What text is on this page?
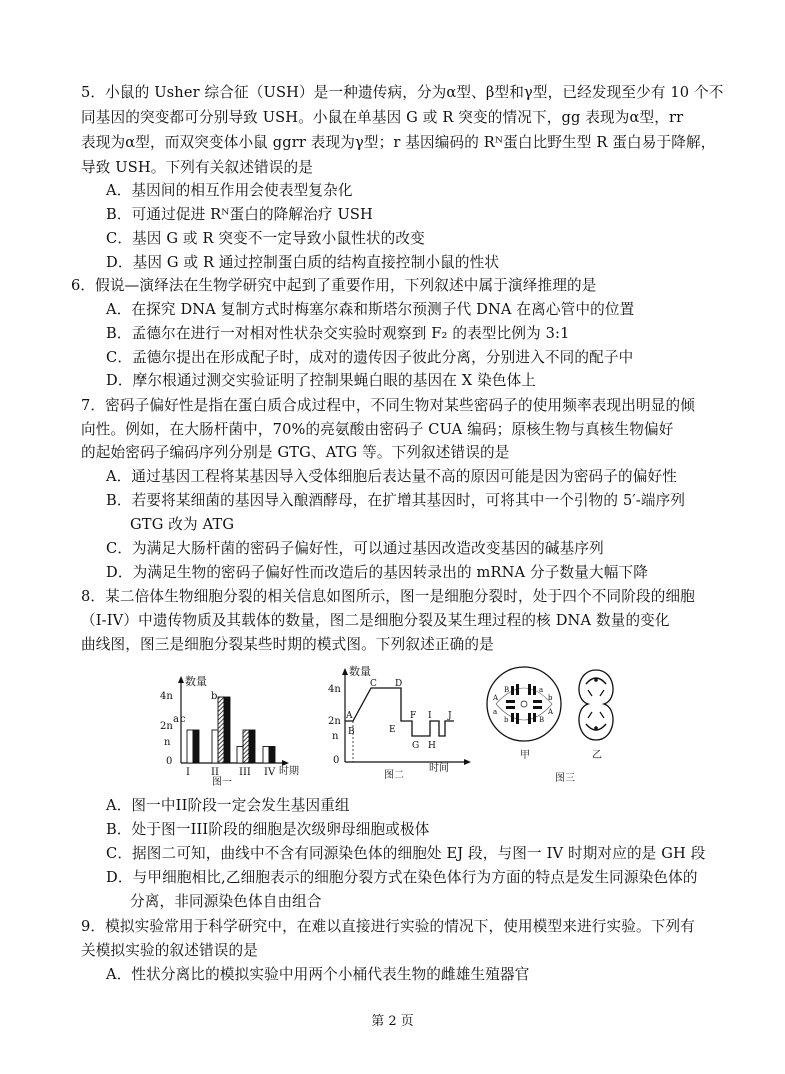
5．小鼠的 Usher 综合征（USH）是一种遗传病，分为α型、β型和γ型，已经发现至少有 10 个不
同基因的突变都可分别导致 USH。小鼠在单基因 G 或 R 突变的情况下，gg 表现为α型，rr
表现为α型，而双突变体小鼠 ggrr 表现为γ型；r 基因编码的 Rᴺ蛋白比野生型 R 蛋白易于降解，
导致 USH。下列有关叙述错误的是
A．基因间的相互作用会使表型复杂化
B．可通过促进 Rᴺ蛋白的降解治疗 USH
C．基因 G 或 R 突变不一定导致小鼠性状的改变
D．基因 G 或 R 通过控制蛋白质的结构直接控制小鼠的性状
6．假说—演绎法在生物学研究中起到了重要作用，下列叙述中属于演绎推理的是
A．在探究 DNA 复制方式时梅塞尔森和斯塔尔预测子代 DNA 在离心管中的位置
B．孟德尔在进行一对相对性状杂交实验时观察到 F₂ 的表型比例为 3:1
C．孟德尔提出在形成配子时，成对的遗传因子彼此分离，分别进入不同的配子中
D．摩尔根通过测交实验证明了控制果蝇白眼的基因在 X 染色体上
7．密码子偏好性是指在蛋白质合成过程中，不同生物对某些密码子的使用频率表现出明显的倾
向性。例如，在大肠杆菌中，70%的亮氨酸由密码子 CUA 编码；原核生物与真核生物偏好
的起始密码子编码序列分别是 GTG、ATG 等。下列叙述错误的是
A．通过基因工程将某基因导入受体细胞后表达量不高的原因可能是因为密码子的偏好性
B．若要将某细菌的基因导入酿酒酵母，在扩增其基因时，可将其中一个引物的 5′-端序列
GTG 改为 ATG
C．为满足大肠杆菌的密码子偏好性，可以通过基因改造改变基因的碱基序列
D．为满足生物的密码子偏好性而改造后的基因转录出的 mRNA 分子数量大幅下降
8．某二倍体生物细胞分裂的相关信息如图所示，图一是细胞分裂时，处于四个不同阶段的细胞
（I-IV）中遗传物质及其载体的数量，图二是细胞分裂及某生理过程的核 DNA 数量的变化
曲线图，图三是细胞分裂某些时期的模式图。下列叙述正确的是
数量
4n
2n
n
0
a c
b
I II III IV 时期
图一
数量
4n
2n
n
0
A
B
C D
E
F
G H
I J
时间
图二
A
a
B
b
a
B
b
A
甲	乙
图三
A．图一中II阶段一定会发生基因重组
B．处于图一III阶段的细胞是次级卵母细胞或极体
C．据图二可知，曲线中不含有同源染色体的细胞处 EJ 段，与图一 IV 时期对应的是 GH 段
D．与甲细胞相比,乙细胞表示的细胞分裂方式在染色体行为方面的特点是发生同源染色体的
分离，非同源染色体自由组合
9．模拟实验常用于科学研究中，在难以直接进行实验的情况下，使用模型来进行实验。下列有
关模拟实验的叙述错误的是
A．性状分离比的模拟实验中用两个小桶代表生物的雌雄生殖器官
第 2 页
